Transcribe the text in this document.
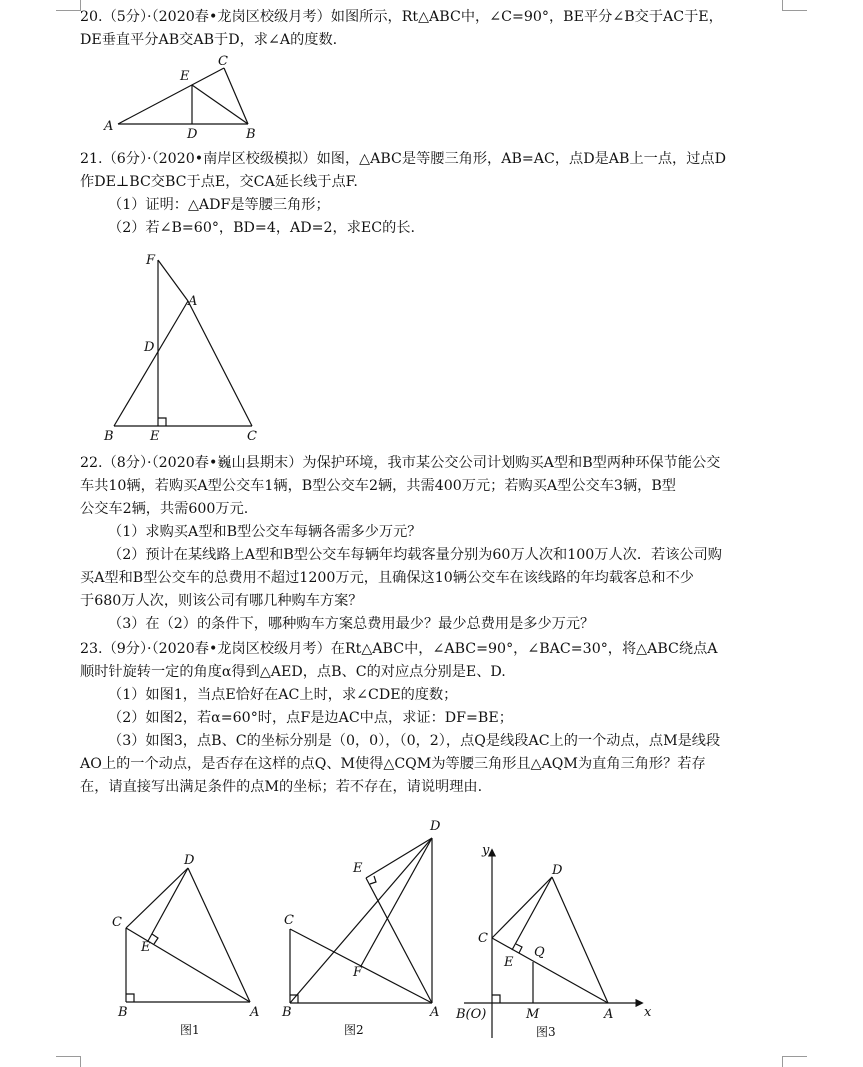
20.（5分）·（2020春•龙岗区校级月考）如图所示，Rt△ABC中，∠C=90°，BE平分∠B交于AC于E，
DE垂直平分AB交AB于D，求∠A的度数.
A
B
C
D
E
21.（6分）·（2020•南岸区校级模拟）如图，△ABC是等腰三角形，AB=AC，点D是AB上一点，过点D
作DE⊥BC交BC于点E，交CA延长线于点F.
（1）证明：△ADF是等腰三角形；
（2）若∠B=60°，BD=4，AD=2，求EC的长.
F
A
D
B	E	C
22.（8分）·（2020春•巍山县期末）为保护环境，我市某公交公司计划购买A型和B型两种环保节能公交
车共10辆，若购买A型公交车1辆，B型公交车2辆，共需400万元；若购买A型公交车3辆，B型
公交车2辆，共需600万元.
（1）求购买A型和B型公交车每辆各需多少万元？
（2）预计在某线路上A型和B型公交车每辆年均载客量分别为60万人次和100万人次．若该公司购
买A型和B型公交车的总费用不超过1200万元，且确保这10辆公交车在该线路的年均载客总和不少
于680万人次，则该公司有哪几种购车方案？
（3）在（2）的条件下，哪种购车方案总费用最少？最少总费用是多少万元？
23.（9分）·（2020春•龙岗区校级月考）在Rt△ABC中，∠ABC=90°，∠BAC=30°，将△ABC绕点A
顺时针旋转一定的角度α得到△AED，点B、C的对应点分别是E、D.
（1）如图1，当点E恰好在AC上时，求∠CDE的度数；
（2）如图2，若α=60°时，点F是边AC中点，求证：DF=BE；
（3）如图3，点B、C的坐标分别是（0，0），（0，2），点Q是线段AC上的一个动点，点M是线段
AO上的一个动点，是否存在这样的点Q、M使得△CQM为等腰三角形且△AQM为直角三角形？若存
在，请直接写出满足条件的点M的坐标；若不存在，请说明理由.
C
D
E
B	A
图1
D
E
C
F
B	A
图2
y
x
D
C
Q
E
B(O)	M	A
图3
